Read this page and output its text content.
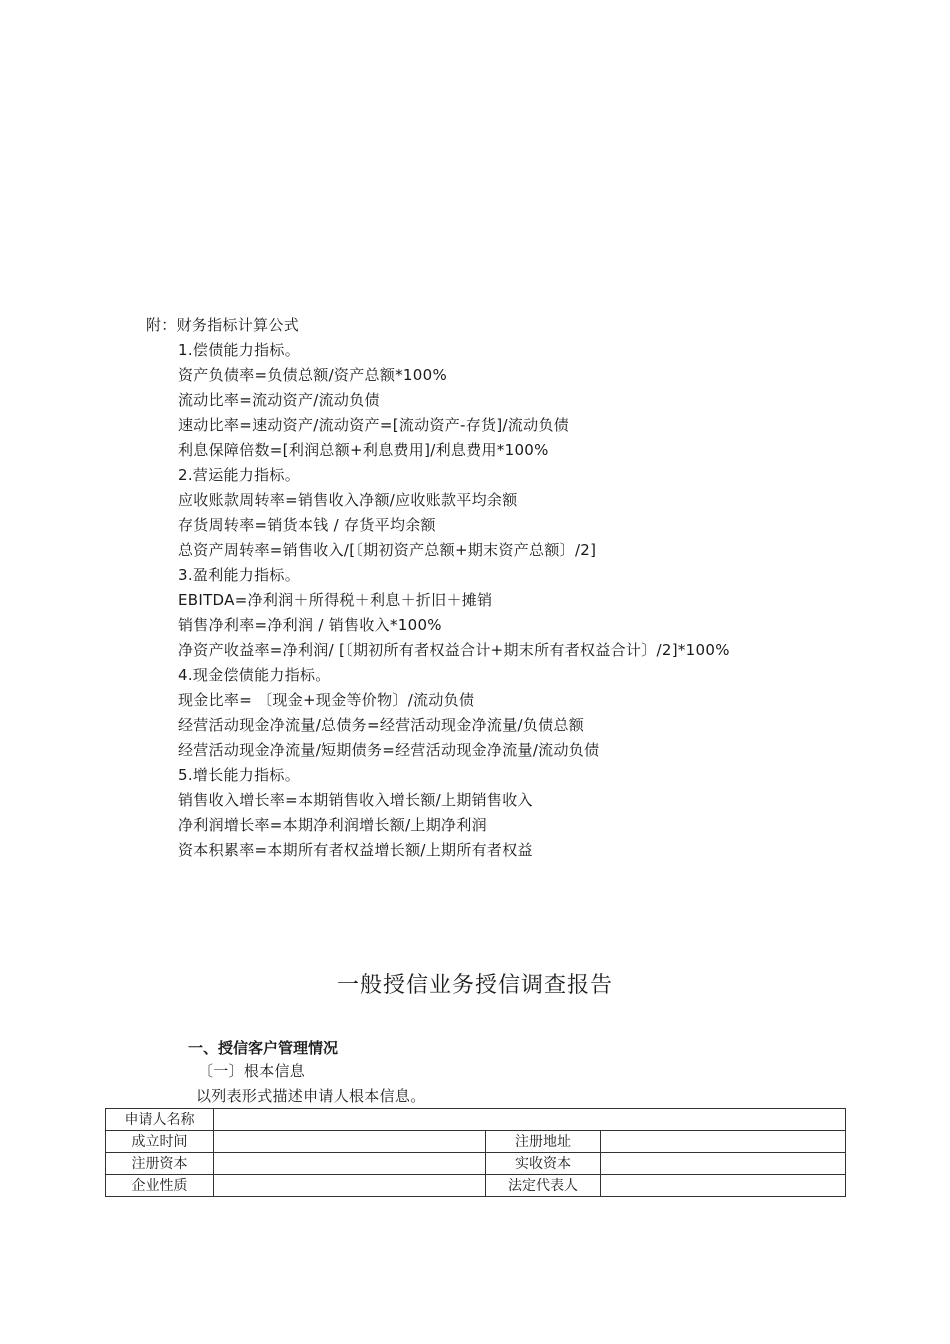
附：财务指标计算公式
1.偿债能力指标。
资产负债率=负债总额/资产总额*100%
流动比率=流动资产/流动负债
速动比率=速动资产/流动资产=[流动资产-存货]/流动负债
利息保障倍数=[利润总额+利息费用]/利息费用*100%
2.营运能力指标。
应收账款周转率=销售收入净额/应收账款平均余额
存货周转率=销货本钱 / 存货平均余额
总资产周转率=销售收入/[〔期初资产总额+期末资产总额〕/2]
3.盈利能力指标。
EBITDA=净利润＋所得税＋利息＋折旧＋摊销
销售净利率=净利润 / 销售收入*100%
净资产收益率=净利润/ [〔期初所有者权益合计+期末所有者权益合计〕/2]*100%
4.现金偿债能力指标。
现金比率= 〔现金+现金等价物〕/流动负债
经营活动现金净流量/总债务=经营活动现金净流量/负债总额
经营活动现金净流量/短期债务=经营活动现金净流量/流动负债
5.增长能力指标。
销售收入增长率=本期销售收入增长额/上期销售收入
净利润增长率=本期净利润增长额/上期净利润
资本积累率=本期所有者权益增长额/上期所有者权益
一般授信业务授信调查报告
一、授信客户管理情况
〔一〕根本信息
以列表形式描述申请人根本信息。
申请人名称			
成立时间		注册地址	
注册资本		实收资本	
企业性质		法定代表人	
